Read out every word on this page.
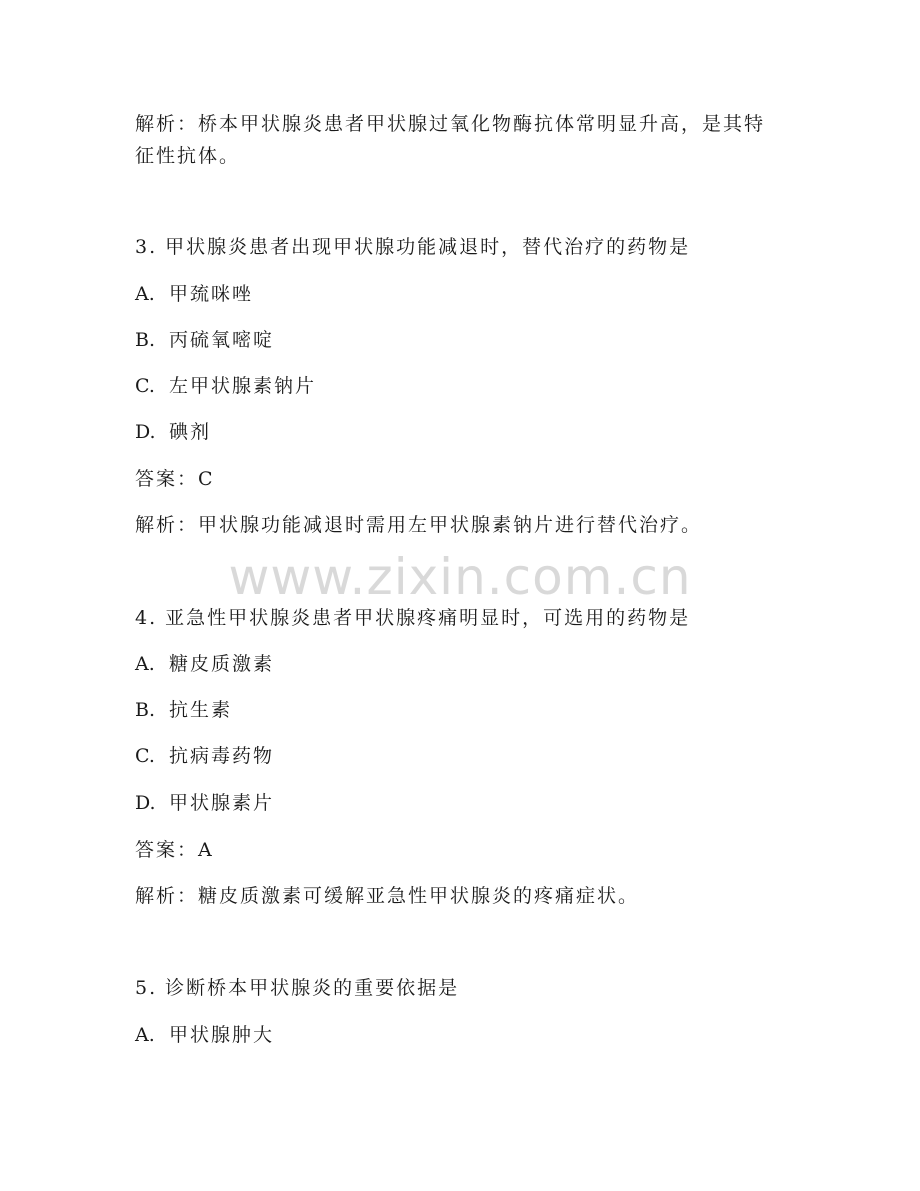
www.zixin.com.cn
解析：桥本甲状腺炎患者甲状腺过氧化物酶抗体常明显升高，是其特
征性抗体。
3. 甲状腺炎患者出现甲状腺功能减退时，替代治疗的药物是
A. 甲巯咪唑
B. 丙硫氧嘧啶
C. 左甲状腺素钠片
D. 碘剂
答案：C
解析：甲状腺功能减退时需用左甲状腺素钠片进行替代治疗。
4. 亚急性甲状腺炎患者甲状腺疼痛明显时，可选用的药物是
A. 糖皮质激素
B. 抗生素
C. 抗病毒药物
D. 甲状腺素片
答案：A
解析：糖皮质激素可缓解亚急性甲状腺炎的疼痛症状。
5. 诊断桥本甲状腺炎的重要依据是
A. 甲状腺肿大
